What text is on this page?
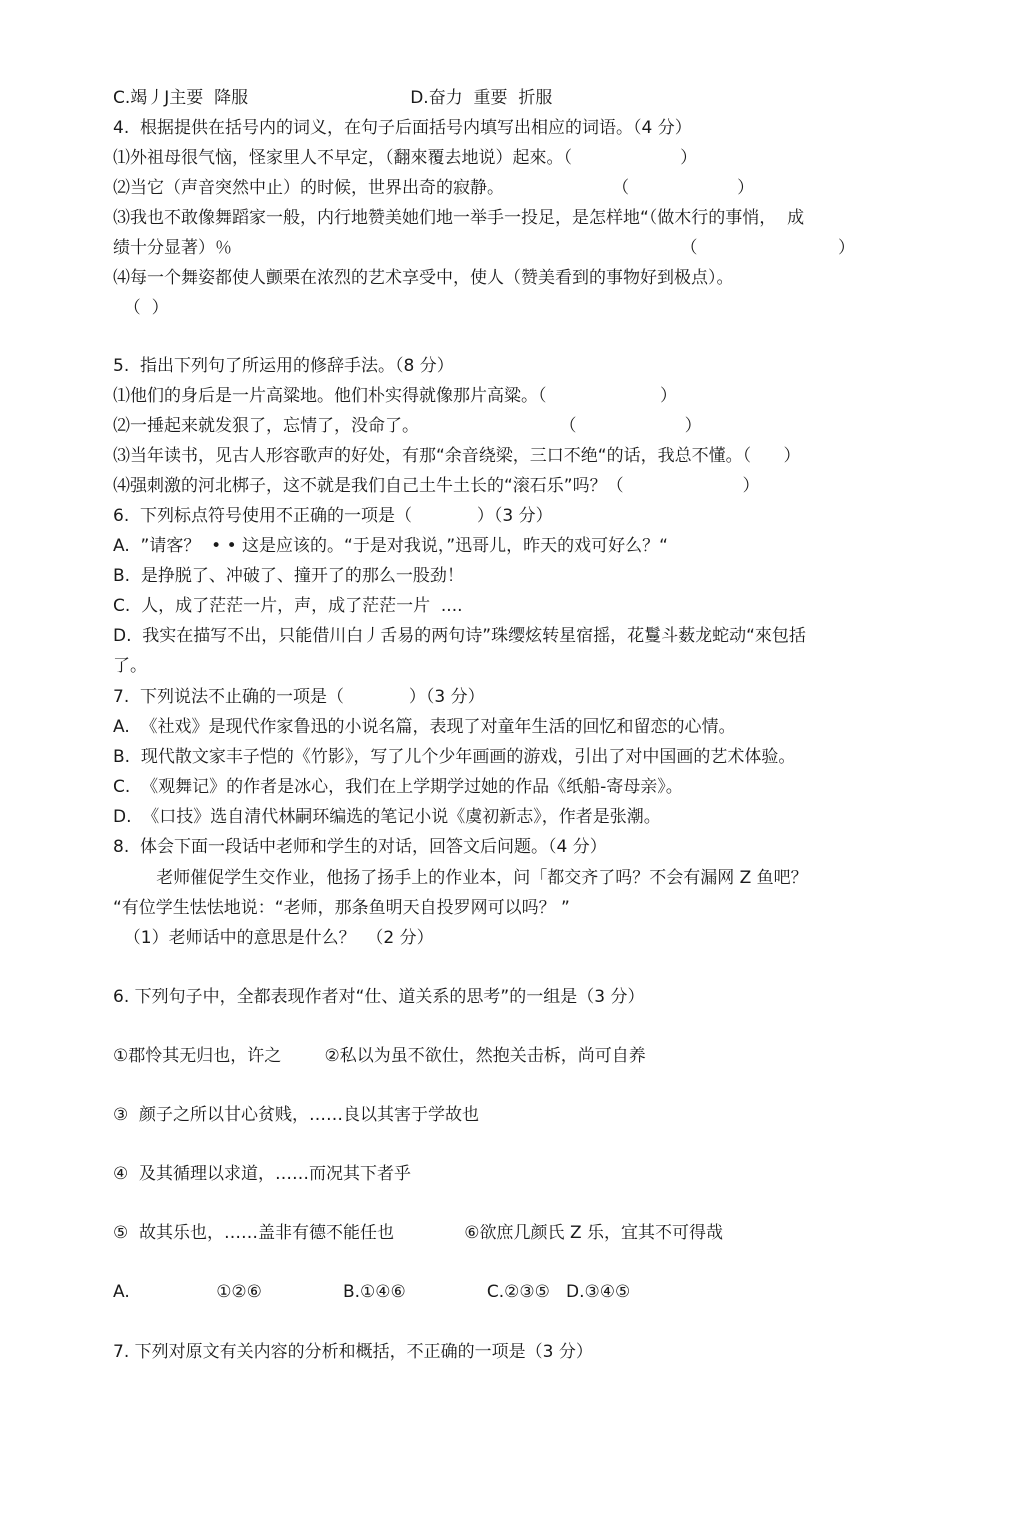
C.竭丿J主要  降服                              D.奋力  重要  折服
4.  根据提供在括号内的词义，在句子后面括号内填写出相应的词语。（4 分）
⑴外祖母很气恼，怪家里人不早定，（翻來覆去地说）起來。（                    ）
⑵当它（声音突然中止）的时候，世界出奇的寂静。                    （                    ）
⑶我也不敢像舞蹈家一般，内行地赞美她们地一举手一投足，是怎样地“（做木行的事悄，  成
绩十分显著）％                                                                                   （                          ）
⑷每一个舞姿都使人颤栗在浓烈的艺术享受中，使人（赞美看到的事物好到极点）。
（  ）
5.  指出下列句了所运用的修辞手法。（8 分）
⑴他们的身后是一片高粱地。他们朴实得就像那片高粱。（                     ）
⑵一捶起来就发狠了，忘情了，没命了。                          （                    ）
⑶当年读书，见古人形容歌声的好处，有那“余音绕梁，三口不绝“的话，我总不懂。（      ）
⑷强刺激的河北梆子，这不就是我们自己土牛土长的“滚石乐”吗？（                      ）
6.  下列标点符号使用不正确的一项是（            ）（3 分）
A.  ”请客？  • • 这是应该的。“于是对我说，”迅哥儿，昨天的戏可好么？“
B.  是挣脱了、冲破了、撞开了的那么一股劲！
C.  人，成了茫茫一片，声，成了茫茫一片  ....
D.  我实在描写不出，只能借川白丿舌易的两句诗”珠缨炫转星宿摇，花鬘斗薮龙蛇动“來包括
了。
7.  下列说法不止确的一项是（            ）（3 分）
A.  《社戏》是现代作家鲁迅的小说名篇，表现了对童年生活的回忆和留恋的心情。
B.  现代散文家丰子恺的《竹影》，写了儿个少年画画的游戏，引出了对中国画的艺术体验。
C.  《观舞记》的作者是冰心，我们在上学期学过她的作品《纸船-寄母亲》。
D.  《口技》选自清代林嗣环编选的笔记小说《虞初新志》，作者是张潮。
8.  体会下面一段话中老师和学生的对话，回答文后问题。（4 分）
老师催促学生交作业，他扬了扬手上的作业本，问「都交齐了吗？不会有漏网 Z 鱼吧？
“有位学生怯怯地说：“老师，那条鱼明天自投罗网可以吗？ ”
（1）老师话中的意思是什么？  （2 分）
6. 下列句子中，全都表现作者对“仕、道关系的思考”的一组是（3 分）
①郡怜其无归也，许之        ②私以为虽不欲仕，然抱关击柝，尚可自养
③  颜子之所以甘心贫贱，……良以其害于学故也
④  及其循理以求道，……而况其下者乎
⑤  故其乐也，……盖非有德不能任也             ⑥欲庶几颜氏 Z 乐，宜其不可得哉
A.                ①②⑥               B.①④⑥               C.②③⑤   D.③④⑤
7. 下列对原文有关内容的分析和概括，不正确的一项是（3 分）
